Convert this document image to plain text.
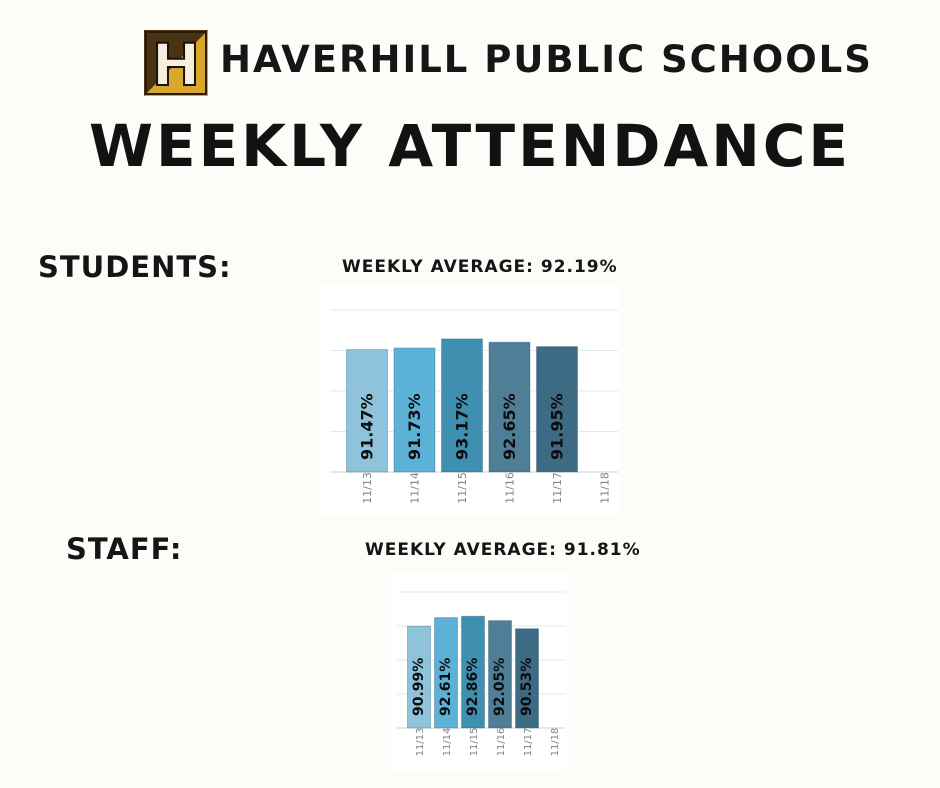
H HAVERHILL PUBLIC SCHOOLS
WEEKLY ATTENDANCE
STUDENTS:	WEEKLY AVERAGE: 92.19%
91.47%
11/13
91.73%
11/14
93.17%
11/15
92.65%
11/16
91.95%
11/17	11/18
STAFF:	WEEKLY AVERAGE: 91.81%
90.99%
11/13
92.61%
11/14
92.86%
11/15
92.05%
11/16
90.53%
11/17 11/18
